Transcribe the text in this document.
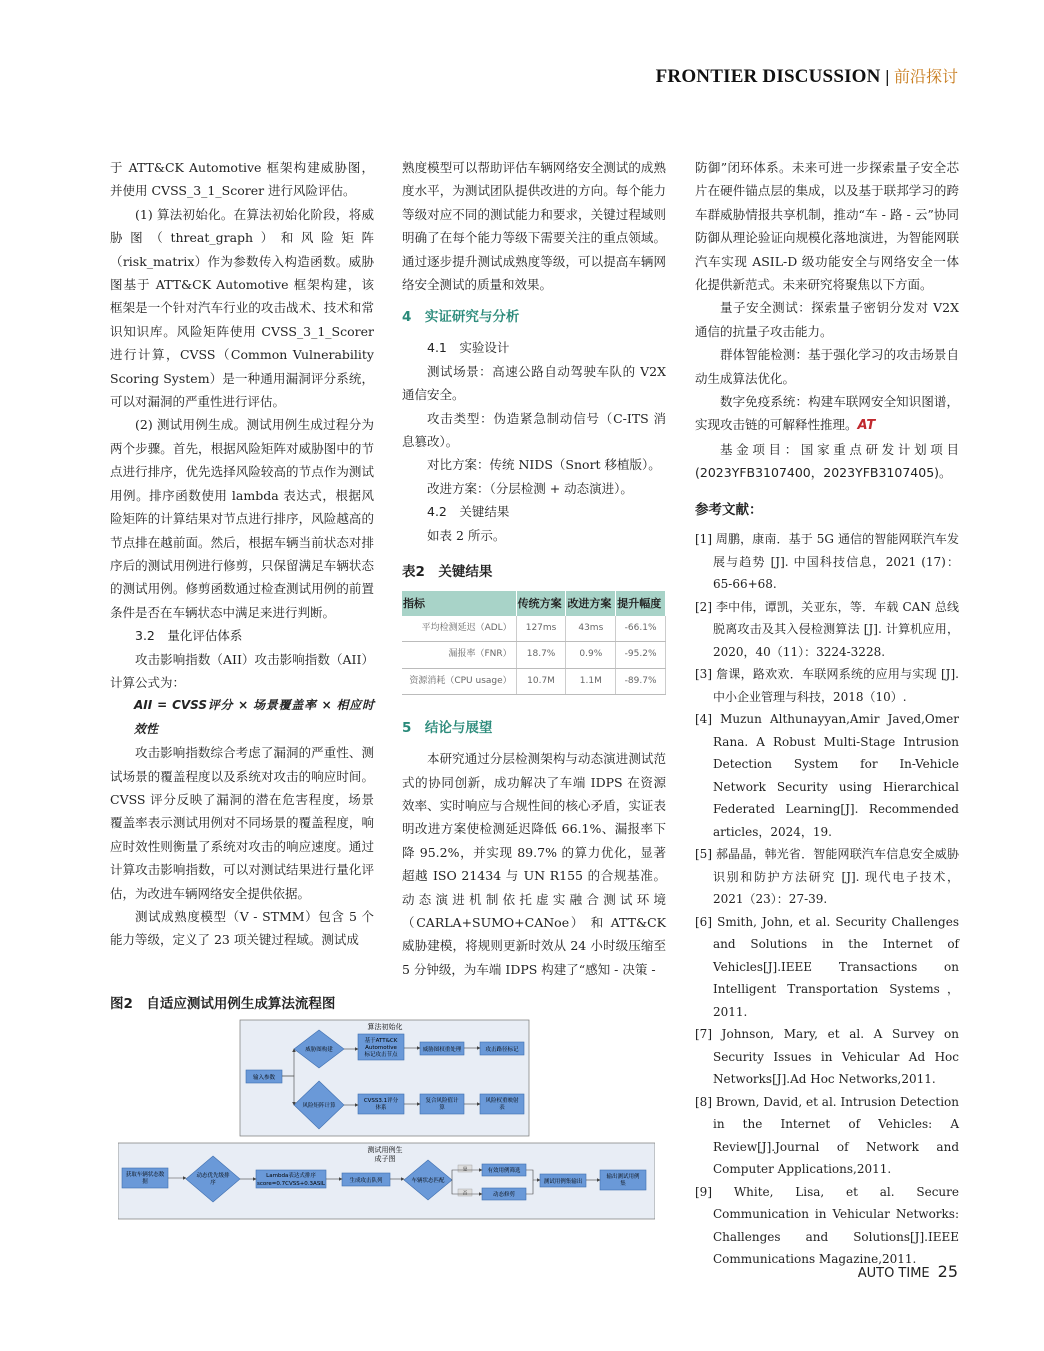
FRONTIER DISCUSSION | 前沿探讨

于 ATT&CK Automotive 框架构建威胁图，并使用 CVSS_3_1_Scorer 进行风险评估。

(1) 算法初始化。在算法初始化阶段，将威胁图（threat_graph）和风险矩阵（risk_matrix）作为参数传入构造函数。威胁图基于 ATT&CK Automotive 框架构建，该框架是一个针对汽车行业的攻击战术、技术和常识知识库。风险矩阵使用 CVSS_3_1_Scorer 进行计算，CVSS（Common Vulnerability Scoring System）是一种通用漏洞评分系统，可以对漏洞的严重性进行评估。

(2) 测试用例生成。测试用例生成过程分为两个步骤。首先，根据风险矩阵对威胁图中的节点进行排序，优先选择风险较高的节点作为测试用例。排序函数使用 lambda 表达式，根据风险矩阵的计算结果对节点进行排序，风险越高的节点排在越前面。然后，根据车辆当前状态对排序后的测试用例进行修剪，只保留满足车辆状态的测试用例。修剪函数通过检查测试用例的前置条件是否在车辆状态中满足来进行判断。

3.2　量化评估体系

攻击影响指数（AII）攻击影响指数（AII）计算公式为：

AII = CVSS评分 × 场景覆盖率 × 相应时效性

攻击影响指数综合考虑了漏洞的严重性、测试场景的覆盖程度以及系统对攻击的响应时间。CVSS 评分反映了漏洞的潜在危害程度，场景覆盖率表示测试用例对不同场景的覆盖程度，响应时效性则衡量了系统对攻击的响应速度。通过计算攻击影响指数，可以对测试结果进行量化评估，为改进车辆网络安全提供依据。

测试成熟度模型（V - STMM）包含 5 个能力等级，定义了 23 项关键过程域。测试成

熟度模型可以帮助评估车辆网络安全测试的成熟度水平，为测试团队提供改进的方向。每个能力等级对应不同的测试能力和要求，关键过程域则明确了在每个能力等级下需要关注的重点领域。通过逐步提升测试成熟度等级，可以提高车辆网络安全测试的质量和效果。

4　实证研究与分析
4.1　实验设计

测试场景：高速公路自动驾驶车队的 V2X 通信安全。

攻击类型：伪造紧急制动信号（C-ITS 消息篡改）。

对比方案：传统 NIDS（Snort 移植版）。

改进方案：（分层检测 + 动态演进）。

4.2　关键结果

如表 2 所示。

表2　关键结果
指标	传统方案	改进方案	提升幅度
平均检测延迟（ADL）	127ms	43ms	-66.1%
漏报率（FNR）	18.7%	0.9%	-95.2%
资源消耗（CPU usage）	10.7M	1.1M	-89.7%
5　结论与展望

本研究通过分层检测架构与动态演进测试范式的协同创新，成功解决了车端 IDPS 在资源效率、实时响应与合规性间的核心矛盾，实证表明改进方案使检测延迟降低 66.1%、漏报率下降 95.2%，并实现 89.7% 的算力优化，显著超越 ISO 21434 与 UN R155 的合规基准。动态演进机制依托虚实融合测试环境（CARLA+SUMO+CANoe） 和 ATT&CK 威胁建模，将规则更新时效从 24 小时级压缩至 5 分钟级，为车端 IDPS 构建了“感知 - 决策 -

防御”闭环体系。未来可进一步探索量子安全芯片在硬件锚点层的集成，以及基于联邦学习的跨车群威胁情报共享机制，推动“车 - 路 - 云”协同防御从理论验证向规模化落地演进，为智能网联汽车实现 ASIL-D 级功能安全与网络安全一体化提供新范式。未来研究将聚焦以下方面。

量子安全测试：探索量子密钥分发对 V2X 通信的抗量子攻击能力。

群体智能检测：基于强化学习的攻击场景自动生成算法优化。

数字免疫系统：构建车联网安全知识图谱，实现攻击链的可解释性推理。AT

基金项目：国家重点研发计划项目 (2023YFB3107400，2023YFB3107405)。

参考文献：

[1] 周鹏，康南．基于 5G 通信的智能网联汽车发展与趋势 [J]. 中国科技信息，2021 (17)：65-66+68.

[2] 李中伟，谭凯，关亚东，等．车载 CAN 总线脱离攻击及其入侵检测算法 [J]. 计算机应用，2020，40（11）：3224-3228.

[3] 詹课，路欢欢．车联网系统的应用与实现 [J]. 中小企业管理与科技，2018（10）.

[4] Muzun Althunayyan,Amir Javed,Omer Rana. A Robust Multi-Stage Intrusion Detection System for In-Vehicle Network Security using Hierarchical Federated Learning[J]. Recommended articles，2024，19.

[5] 郝晶晶，韩光省．智能网联汽车信息安全威胁识别和防护方法研究 [J]. 现代电子技术，2021（23）：27-39.

[6] Smith, John, et al. Security Challenges and Solutions in the Internet of Vehicles[J].IEEE Transactions on Intelligent Transportation Systems，2011.

[7] Johnson, Mary, et al. A Survey on Security Issues in Vehicular Ad Hoc Networks[J].Ad Hoc Networks,2011.

[8] Brown, David, et al. Intrusion Detection in the Internet of Vehicles: A Review[J].Journal of Network and Computer Applications,2011.

[9] White, Lisa, et al. Secure Communication in Vehicular Networks: Challenges and Solutions[J].IEEE Communications Magazine,2011.

图2　自适应测试用例生成算法流程图
算法初始化
测试用例生
成子图
威胁图构建
基于ATT&CK
Automotive
标记攻击节点
威胁图权重处理	攻击路径标记
输入参数
风险矩阵计算
CVSS3.1评分
体系
复合风险值计
算
风险权重映射
表
获取车辆状态数
据
动态优先级排
序
Lambda表达式排序
score=0.7CVSS+0.3ASIL	生成攻击队列	车辆状态匹配
有效用例筛选
动态修剪
测试用例集输出
输出测试用例
集
是
否
AUTO TIME 25
